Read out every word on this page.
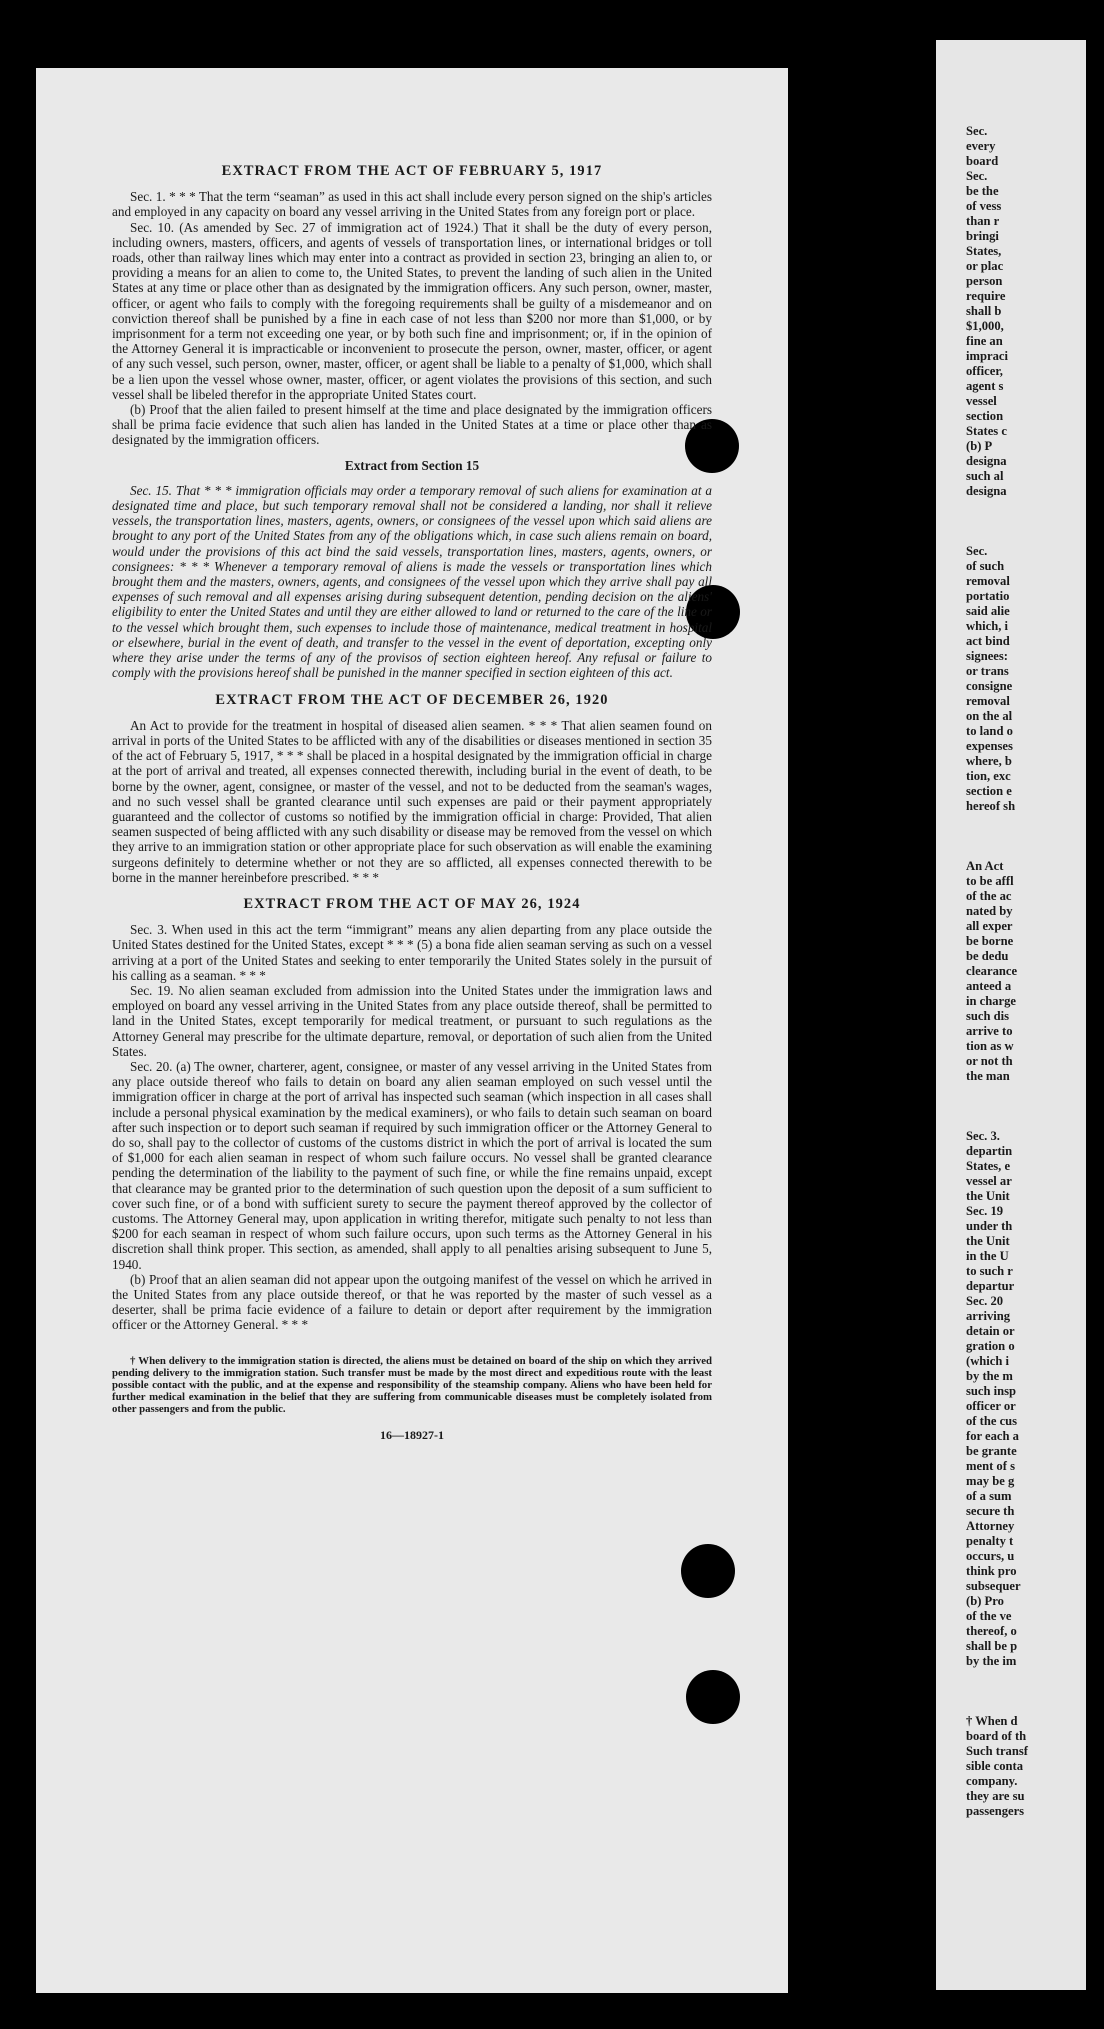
EXTRACT FROM THE ACT OF FEBRUARY 5, 1917

Sec. 1. * * * That the term “seaman” as used in this act shall include every person signed on the ship's articles and employed in any capacity on board any vessel arriving in the United States from any foreign port or place.

Sec. 10. (As amended by Sec. 27 of immigration act of 1924.) That it shall be the duty of every person, including owners, masters, officers, and agents of vessels of transportation lines, or international bridges or toll roads, other than railway lines which may enter into a contract as provided in section 23, bringing an alien to, or providing a means for an alien to come to, the United States, to prevent the landing of such alien in the United States at any time or place other than as designated by the immigration officers. Any such person, owner, master, officer, or agent who fails to comply with the foregoing requirements shall be guilty of a misdemeanor and on conviction thereof shall be punished by a fine in each case of not less than $200 nor more than $1,000, or by imprisonment for a term not exceeding one year, or by both such fine and imprisonment; or, if in the opinion of the Attorney General it is impracticable or inconvenient to prosecute the person, owner, master, officer, or agent of any such vessel, such person, owner, master, officer, or agent shall be liable to a penalty of $1,000, which shall be a lien upon the vessel whose owner, master, officer, or agent violates the provisions of this section, and such vessel shall be libeled therefor in the appropriate United States court.

(b) Proof that the alien failed to present himself at the time and place designated by the immigration officers shall be prima facie evidence that such alien has landed in the United States at a time or place other than as designated by the immigration officers.

Extract from Section 15

Sec. 15. That * * * immigration officials may order a temporary removal of such aliens for examination at a designated time and place, but such temporary removal shall not be considered a landing, nor shall it relieve vessels, the transportation lines, masters, agents, owners, or consignees of the vessel upon which said aliens are brought to any port of the United States from any of the obligations which, in case such aliens remain on board, would under the provisions of this act bind the said vessels, transportation lines, masters, agents, owners, or consignees: * * * Whenever a temporary removal of aliens is made the vessels or transportation lines which brought them and the masters, owners, agents, and consignees of the vessel upon which they arrive shall pay all expenses of such removal and all expenses arising during subsequent detention, pending decision on the aliens' eligibility to enter the United States and until they are either allowed to land or returned to the care of the line or to the vessel which brought them, such expenses to include those of maintenance, medical treatment in hospital or elsewhere, burial in the event of death, and transfer to the vessel in the event of deportation, excepting only where they arise under the terms of any of the provisos of section eighteen hereof. Any refusal or failure to comply with the provisions hereof shall be punished in the manner specified in section eighteen of this act.

EXTRACT FROM THE ACT OF DECEMBER 26, 1920

An Act to provide for the treatment in hospital of diseased alien seamen. * * * That alien seamen found on arrival in ports of the United States to be afflicted with any of the disabilities or diseases mentioned in section 35 of the act of February 5, 1917, * * * shall be placed in a hospital designated by the immigration official in charge at the port of arrival and treated, all expenses connected therewith, including burial in the event of death, to be borne by the owner, agent, consignee, or master of the vessel, and not to be deducted from the seaman's wages, and no such vessel shall be granted clearance until such expenses are paid or their payment appropriately guaranteed and the collector of customs so notified by the immigration official in charge: Provided, That alien seamen suspected of being afflicted with any such disability or disease may be removed from the vessel on which they arrive to an immigration station or other appropriate place for such observation as will enable the examining surgeons definitely to determine whether or not they are so afflicted, all expenses connected therewith to be borne in the manner hereinbefore prescribed. * * *

EXTRACT FROM THE ACT OF MAY 26, 1924

Sec. 3. When used in this act the term “immigrant” means any alien departing from any place outside the United States destined for the United States, except * * * (5) a bona fide alien seaman serving as such on a vessel arriving at a port of the United States and seeking to enter temporarily the United States solely in the pursuit of his calling as a seaman. * * *

Sec. 19. No alien seaman excluded from admission into the United States under the immigration laws and employed on board any vessel arriving in the United States from any place outside thereof, shall be permitted to land in the United States, except temporarily for medical treatment, or pursuant to such regulations as the Attorney General may prescribe for the ultimate departure, removal, or deportation of such alien from the United States.

Sec. 20. (a) The owner, charterer, agent, consignee, or master of any vessel arriving in the United States from any place outside thereof who fails to detain on board any alien seaman employed on such vessel until the immigration officer in charge at the port of arrival has inspected such seaman (which inspection in all cases shall include a personal physical examination by the medical examiners), or who fails to detain such seaman on board after such inspection or to deport such seaman if required by such immigration officer or the Attorney General to do so, shall pay to the collector of customs of the customs district in which the port of arrival is located the sum of $1,000 for each alien seaman in respect of whom such failure occurs. No vessel shall be granted clearance pending the determination of the liability to the payment of such fine, or while the fine remains unpaid, except that clearance may be granted prior to the determination of such question upon the deposit of a sum sufficient to cover such fine, or of a bond with sufficient surety to secure the payment thereof approved by the collector of customs. The Attorney General may, upon application in writing therefor, mitigate such penalty to not less than $200 for each seaman in respect of whom such failure occurs, upon such terms as the Attorney General in his discretion shall think proper. This section, as amended, shall apply to all penalties arising subsequent to June 5, 1940.

(b) Proof that an alien seaman did not appear upon the outgoing manifest of the vessel on which he arrived in the United States from any place outside thereof, or that he was reported by the master of such vessel as a deserter, shall be prima facie evidence of a failure to detain or deport after requirement by the immigration officer or the Attorney General. * * *

† When delivery to the immigration station is directed, the aliens must be detained on board of the ship on which they arrived pending delivery to the immigration station. Such transfer must be made by the most direct and expeditious route with the least possible contact with the public, and at the expense and responsibility of the steamship company. Aliens who have been held for further medical examination in the belief that they are suffering from communicable diseases must be completely isolated from other passengers and from the public.
16—18927-1
Sec.
every
board
Sec.
be the
of vess
than r
bringi
States,
or plac
person
require
shall b
$1,000,
fine an
impraci
officer,
agent s
vessel
section
States c
(b) P
designa
such al
designa
Sec.
of such
removal
portatio
said alie
which, i
act bind
signees:
or trans
consigne
removal
on the al
to land o
expenses
where, b
tion, exc
section e
hereof sh
An Act
to be affl
of the ac
nated by
all exper
be borne
be dedu
clearance
anteed a
in charge
such dis
arrive to
tion as w
or not th
the man
Sec. 3.
departin
States, e
vessel ar
the Unit
Sec. 19
under th
the Unit
in the U
to such r
departur
Sec. 20
arriving
detain or
gration o
(which i
by the m
such insp
officer or
of the cus
for each a
be grante
ment of s
may be g
of a sum
secure th
Attorney
penalty t
occurs, u
think pro
subsequer
(b) Pro
of the ve
thereof, o
shall be p
by the im
† When d
board of th
Such transf
sible conta
company.
they are su
passengers
